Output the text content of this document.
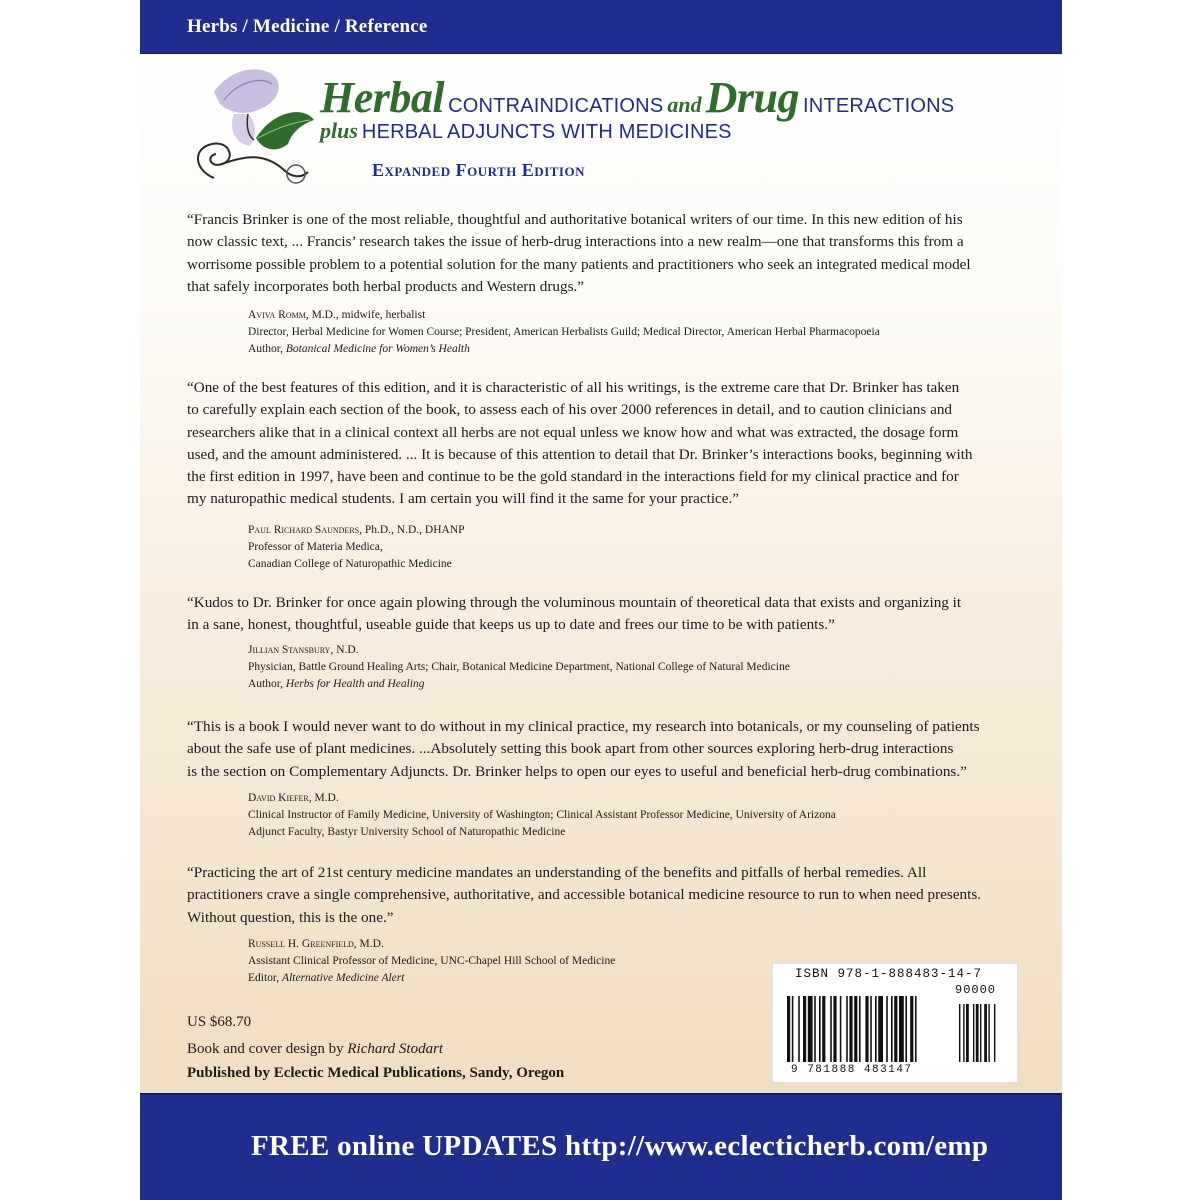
Herbs / Medicine / Reference
Herbal CONTRAINDICATIONS and Drug INTERACTIONS
plus HERBAL ADJUNCTS WITH MEDICINES
Expanded Fourth Edition
“Francis Brinker is one of the most reliable, thoughtful and authoritative botanical writers of our time. In this new edition of his
now classic text, ... Francis’ research takes the issue of herb-drug interactions into a new realm—one that transforms this from a
worrisome possible problem to a potential solution for the many patients and practitioners who seek an integrated medical model
that safely incorporates both herbal products and Western drugs.”
Aviva Romm, M.D., midwife, herbalist
Director, Herbal Medicine for Women Course; President, American Herbalists Guild; Medical Director, American Herbal Pharmacopoeia
Author, Botanical Medicine for Women’s Health
“One of the best features of this edition, and it is characteristic of all his writings, is the extreme care that Dr. Brinker has taken
to carefully explain each section of the book, to assess each of his over 2000 references in detail, and to caution clinicians and
researchers alike that in a clinical context all herbs are not equal unless we know how and what was extracted, the dosage form
used, and the amount administered. ... It is because of this attention to detail that Dr. Brinker’s interactions books, beginning with
the first edition in 1997, have been and continue to be the gold standard in the interactions field for my clinical practice and for
my naturopathic medical students. I am certain you will find it the same for your practice.”
Paul Richard Saunders, Ph.D., N.D., DHANP
Professor of Materia Medica,
Canadian College of Naturopathic Medicine
“Kudos to Dr. Brinker for once again plowing through the voluminous mountain of theoretical data that exists and organizing it
in a sane, honest, thoughtful, useable guide that keeps us up to date and frees our time to be with patients.”
Jillian Stansbury, N.D.
Physician, Battle Ground Healing Arts; Chair, Botanical Medicine Department, National College of Natural Medicine
Author, Herbs for Health and Healing
“This is a book I would never want to do without in my clinical practice, my research into botanicals, or my counseling of patients
about the safe use of plant medicines. ...Absolutely setting this book apart from other sources exploring herb-drug interactions
is the section on Complementary Adjuncts. Dr. Brinker helps to open our eyes to useful and beneficial herb-drug combinations.”
David Kiefer, M.D.
Clinical Instructor of Family Medicine, University of Washington; Clinical Assistant Professor Medicine, University of Arizona
Adjunct Faculty, Bastyr University School of Naturopathic Medicine
“Practicing the art of 21st century medicine mandates an understanding of the benefits and pitfalls of herbal remedies. All
practitioners crave a single comprehensive, authoritative, and accessible botanical medicine resource to run to when need presents.
Without question, this is the one.”
Russell H. Greenfield, M.D.
Assistant Clinical Professor of Medicine, UNC-Chapel Hill School of Medicine
Editor, Alternative Medicine Alert
US $68.70
Book and cover design by Richard Stodart
Published by Eclectic Medical Publications, Sandy, Oregon
ISBN 978-1-888483-14-7
90000
9 781888 483147
FREE online UPDATES http://www.eclecticherb.com/emp
